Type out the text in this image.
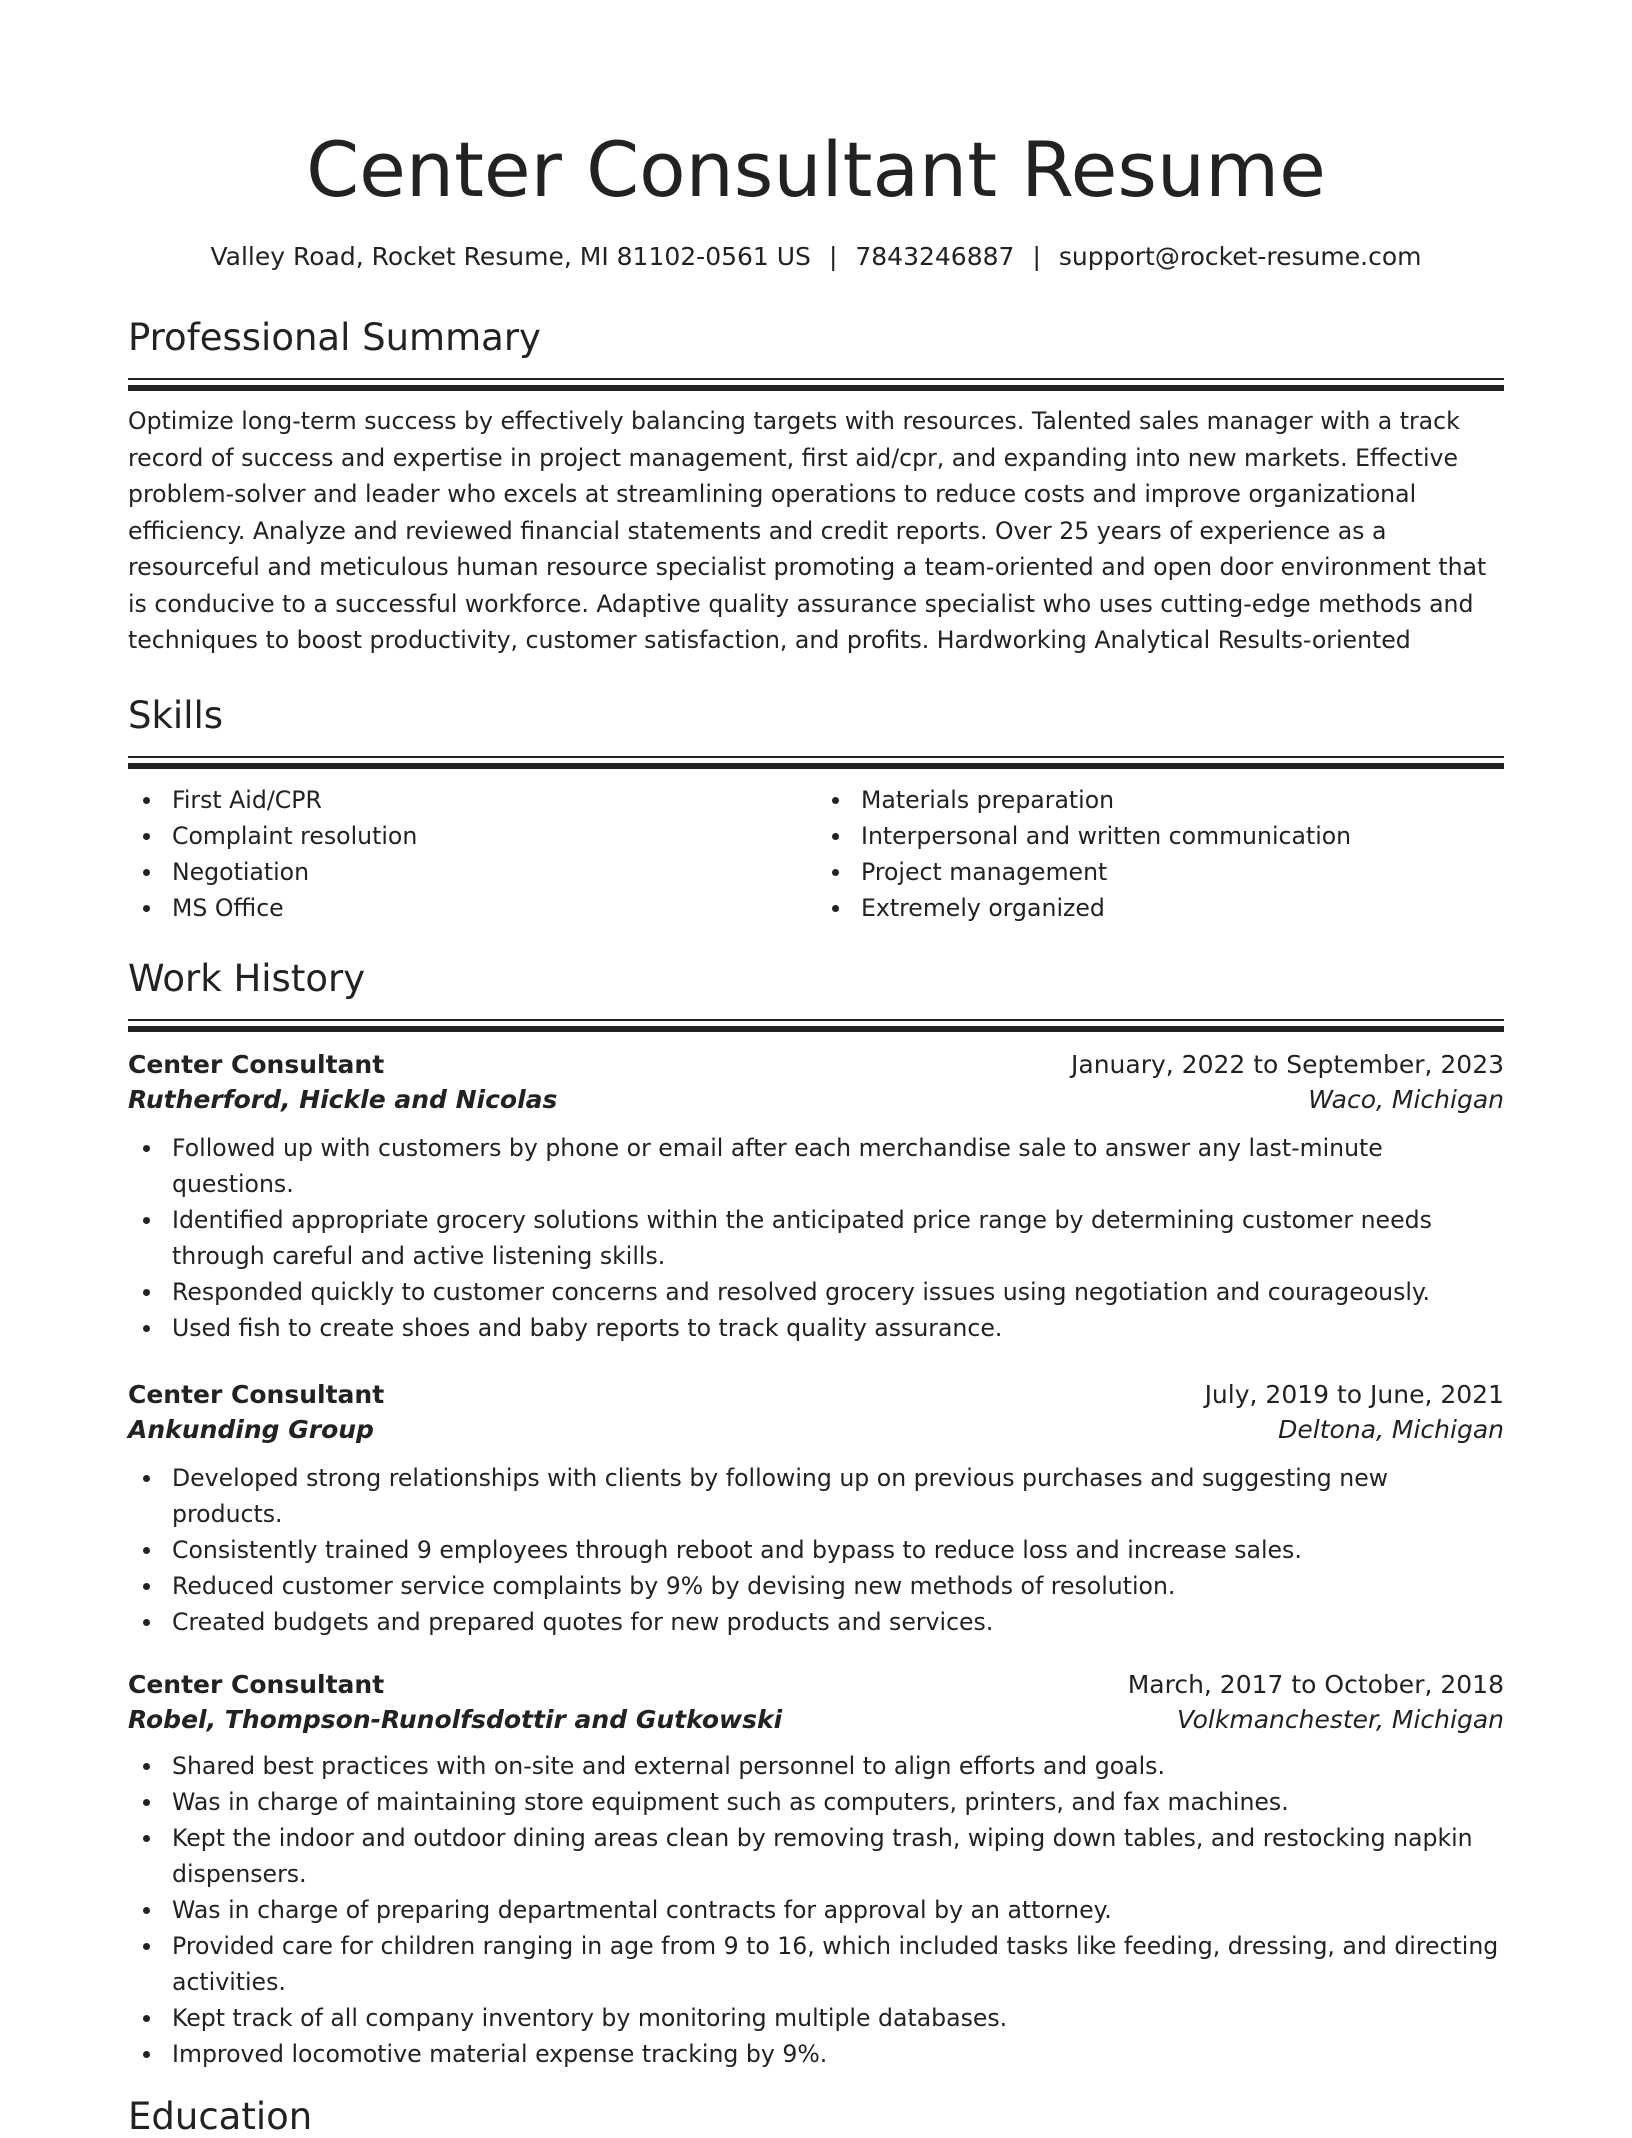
Center Consultant Resume
Valley Road, Rocket Resume, MI 81102-0561 US | 7843246887 | support@rocket-resume.com
Professional Summary

Optimize long-term success by effectively balancing targets with resources. Talented sales manager with a track record of success and expertise in project management, first aid/cpr, and expanding into new markets. Effective problem-solver and leader who excels at streamlining operations to reduce costs and improve organizational efficiency. Analyze and reviewed financial statements and credit reports. Over 25 years of experience as a resourceful and meticulous human resource specialist promoting a team-oriented and open door environment that is conducive to a successful workforce. Adaptive quality assurance specialist who uses cutting-edge methods and techniques to boost productivity, customer satisfaction, and profits. Hardworking Analytical Results-oriented

Skills
First Aid/CPR
Complaint resolution
Negotiation
MS Office
Materials preparation
Interpersonal and written communication
Project management
Extremely organized
Work History
Center Consultant	January, 2022 to September, 2023
Rutherford, Hickle and Nicolas	Waco, Michigan
Followed up with customers by phone or email after each merchandise sale to answer any last-minute questions.
Identified appropriate grocery solutions within the anticipated price range by determining customer needs through careful and active listening skills.
Responded quickly to customer concerns and resolved grocery issues using negotiation and courageously.
Used fish to create shoes and baby reports to track quality assurance.
Center Consultant	July, 2019 to June, 2021
Ankunding Group	Deltona, Michigan
Developed strong relationships with clients by following up on previous purchases and suggesting new products.
Consistently trained 9 employees through reboot and bypass to reduce loss and increase sales.
Reduced customer service complaints by 9% by devising new methods of resolution.
Created budgets and prepared quotes for new products and services.
Center Consultant	March, 2017 to October, 2018
Robel, Thompson-Runolfsdottir and Gutkowski	Volkmanchester, Michigan
Shared best practices with on-site and external personnel to align efforts and goals.
Was in charge of maintaining store equipment such as computers, printers, and fax machines.
Kept the indoor and outdoor dining areas clean by removing trash, wiping down tables, and restocking napkin dispensers.
Was in charge of preparing departmental contracts for approval by an attorney.
Provided care for children ranging in age from 9 to 16, which included tasks like feeding, dressing, and directing activities.
Kept track of all company inventory by monitoring multiple databases.
Improved locomotive material expense tracking by 9%.
Education
